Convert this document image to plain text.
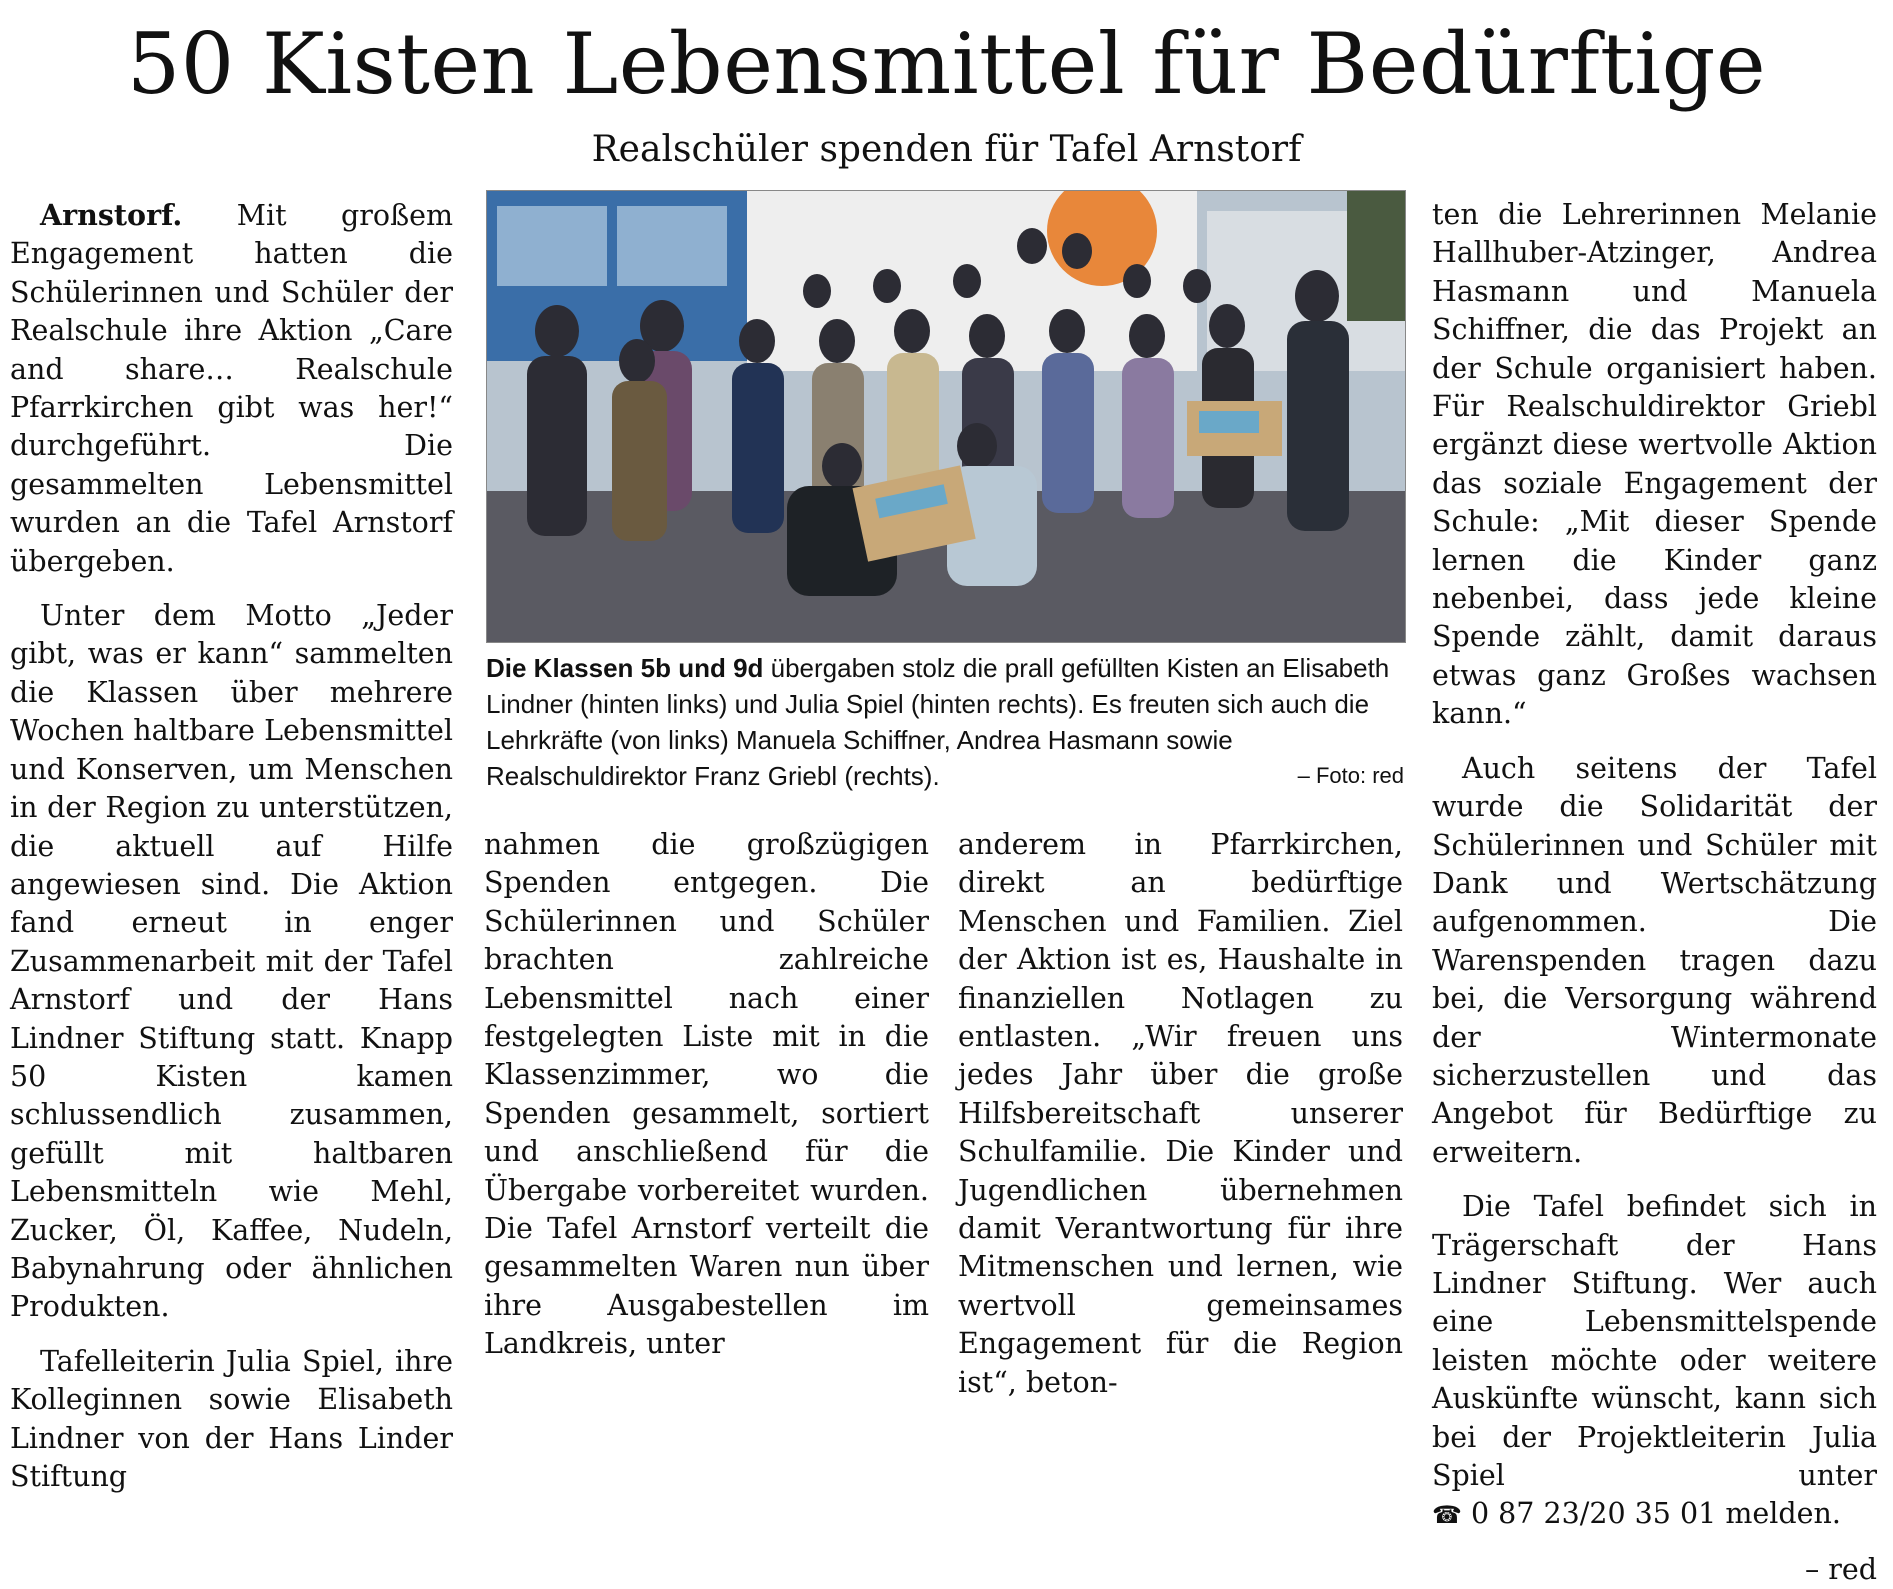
50 Kisten Lebensmittel für Bedürftige
Realschüler spenden für Tafel Arnstorf

Arnstorf. Mit großem Engagement hatten die Schülerinnen und Schüler der Realschule ihre Aktion „Care and share… Realschule Pfarrkirchen gibt was her!“ durchgeführt. Die gesammelten Lebensmittel wurden an die Tafel Arnstorf übergeben.

Unter dem Motto „Jeder gibt, was er kann“ sammelten die Klassen über mehrere Wochen haltbare Lebensmittel und Konserven, um Menschen in der Region zu unterstützen, die aktuell auf Hilfe angewiesen sind. Die Aktion fand erneut in enger Zusammenarbeit mit der Tafel Arnstorf und der Hans Lindner Stiftung statt. Knapp 50 Kisten kamen schlussendlich zusammen, gefüllt mit haltbaren Lebensmitteln wie Mehl, Zucker, Öl, Kaffee, Nudeln, Babynahrung oder ähnlichen Produkten.

Tafelleiterin Julia Spiel, ihre Kolleginnen sowie Elisabeth Lindner von der Hans Linder Stiftung

Die Klassen 5b und 9d übergaben stolz die prall gefüllten Kisten an Elisabeth Lindner (hinten links) und Julia Spiel (hinten rechts). Es freuten sich auch die Lehrkräfte (von links) Manuela Schiffner, Andrea Hasmann sowie Realschuldirektor Franz Griebl (rechts).	– Foto: red

nahmen die großzügigen Spenden entgegen. Die Schülerinnen und Schüler brachten zahlreiche Lebensmittel nach einer festgelegten Liste mit in die Klassenzimmer, wo die Spenden gesammelt, sortiert und anschließend für die Übergabe vorbereitet wurden. Die Tafel Arnstorf verteilt die gesammelten Waren nun über ihre Ausgabestellen im Landkreis, unter

anderem in Pfarrkirchen, direkt an bedürftige Menschen und Familien. Ziel der Aktion ist es, Haushalte in finanziellen Notlagen zu entlasten. „Wir freuen uns jedes Jahr über die große Hilfsbereitschaft unserer Schulfamilie. Die Kinder und Jugendlichen übernehmen damit Verantwortung für ihre Mitmenschen und lernen, wie wertvoll gemeinsames Engagement für die Region ist“, beton-

ten die Lehrerinnen Melanie Hallhuber-Atzinger, Andrea Hasmann und Manuela Schiffner, die das Projekt an der Schule organisiert haben. Für Realschuldirektor Griebl ergänzt diese wertvolle Aktion das soziale Engagement der Schule: „Mit dieser Spende lernen die Kinder ganz nebenbei, dass jede kleine Spende zählt, damit daraus etwas ganz Großes wachsen kann.“

Auch seitens der Tafel wurde die Solidarität der Schülerinnen und Schüler mit Dank und Wertschätzung aufgenommen. Die Warenspenden tragen dazu bei, die Versorgung während der Wintermonate sicherzustellen und das Angebot für Bedürftige zu erweitern.

Die Tafel befindet sich in Trägerschaft der Hans Lindner Stiftung. Wer auch eine Lebensmittelspende leisten möchte oder weitere Auskünfte wünscht, kann sich bei der Projektleiterin Julia Spiel unter ☎ 0 87 23/20 35 01 melden.

– red
